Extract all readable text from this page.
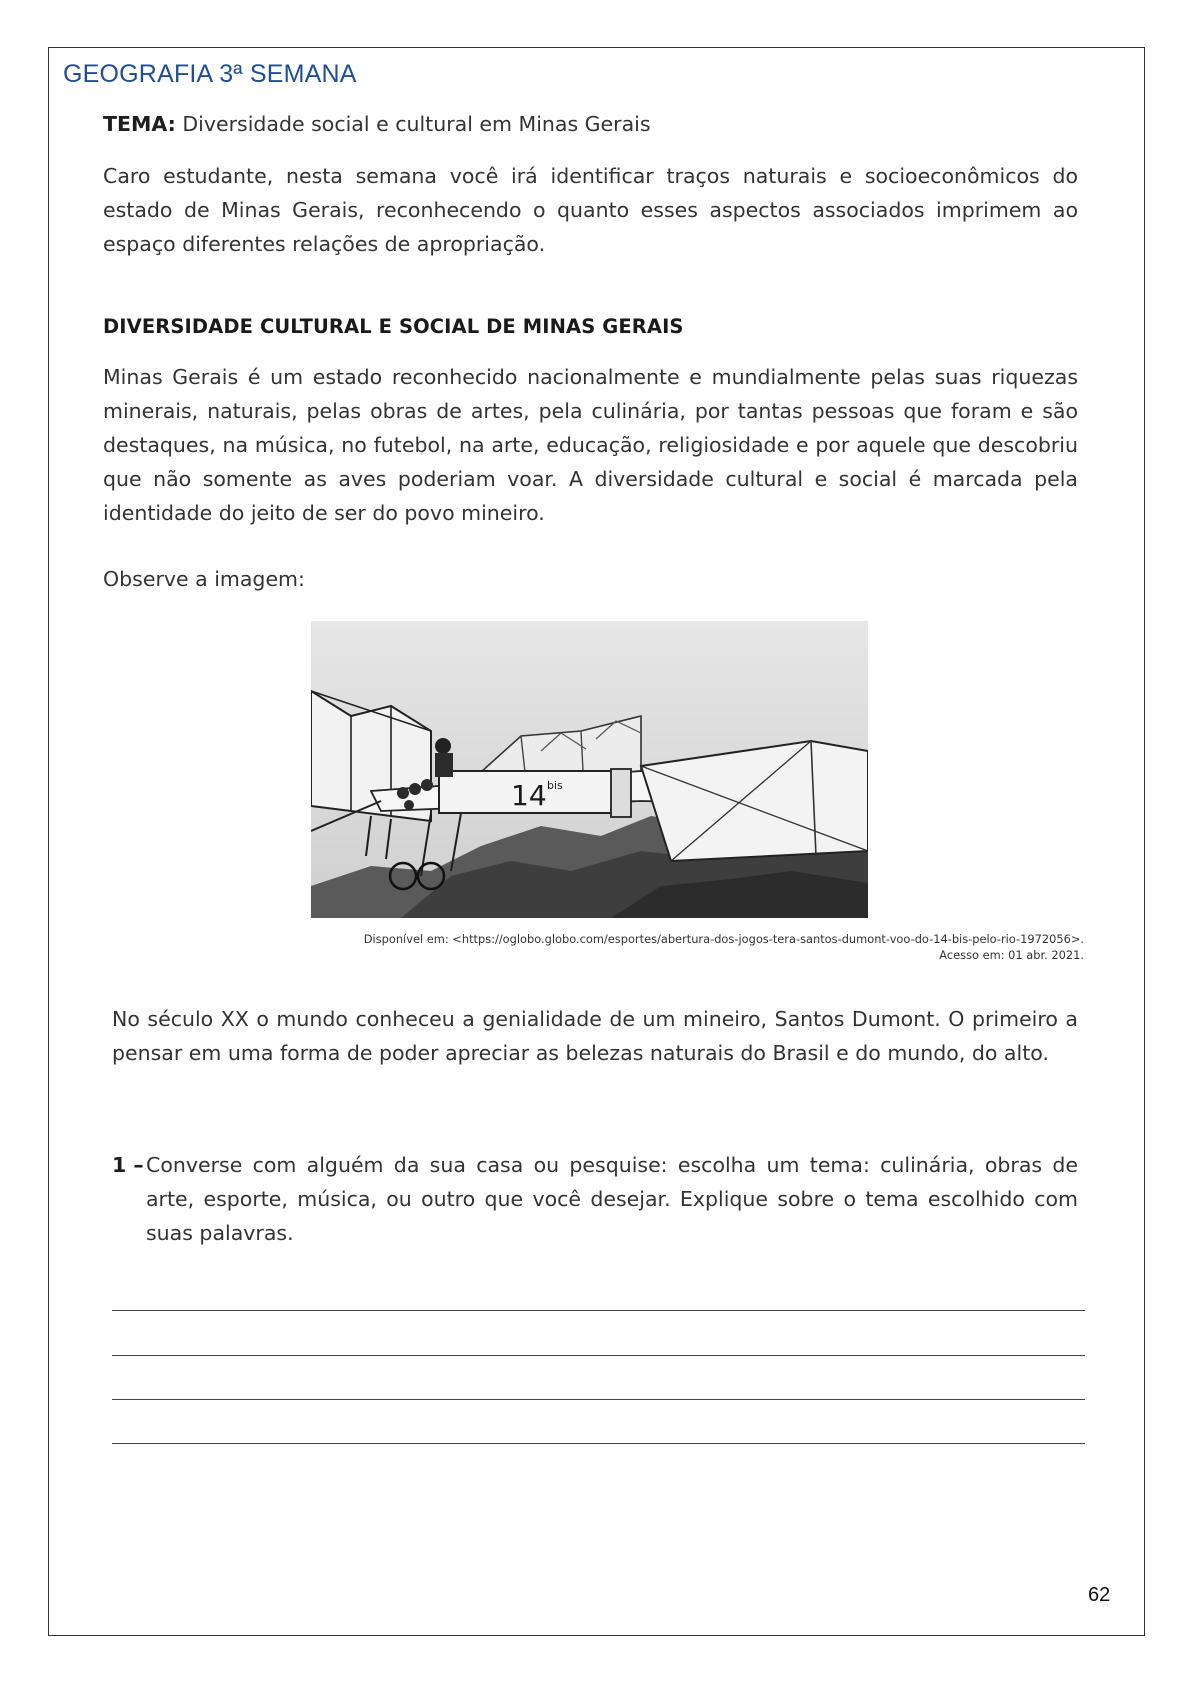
GEOGRAFIA 3ª SEMANA
TEMA: Diversidade social e cultural em Minas Gerais

Caro estudante, nesta semana você irá identificar traços naturais e socioeconômicos do estado de Minas Gerais, reconhecendo o quanto esses aspectos associados imprimem ao espaço diferentes relações de apropriação.

DIVERSIDADE CULTURAL E SOCIAL DE MINAS GERAIS

Minas Gerais é um estado reconhecido nacionalmente e mundialmente pelas suas riquezas minerais, naturais, pelas obras de artes, pela culinária, por tantas pessoas que foram e são destaques, na música, no futebol, na arte, educação, religiosidade e por aquele que descobriu que não somente as aves poderiam voar. A diversidade cultural e social é marcada pela identidade do jeito de ser do povo mineiro.

Observe a imagem:
14 bis
Disponível em: <https://oglobo.globo.com/esportes/abertura-dos-jogos-tera-santos-dumont-voo-do-14-bis-pelo-rio-1972056>.
Acesso em: 01 abr. 2021.

No século XX o mundo conheceu a genialidade de um mineiro, Santos Dumont. O primeiro a pensar em uma forma de poder apreciar as belezas naturais do Brasil e do mundo, do alto.

1 – Converse com alguém da sua casa ou pesquise: escolha um tema: culinária, obras de arte, esporte, música, ou outro que você desejar. Explique sobre o tema escolhido com suas palavras.

62
